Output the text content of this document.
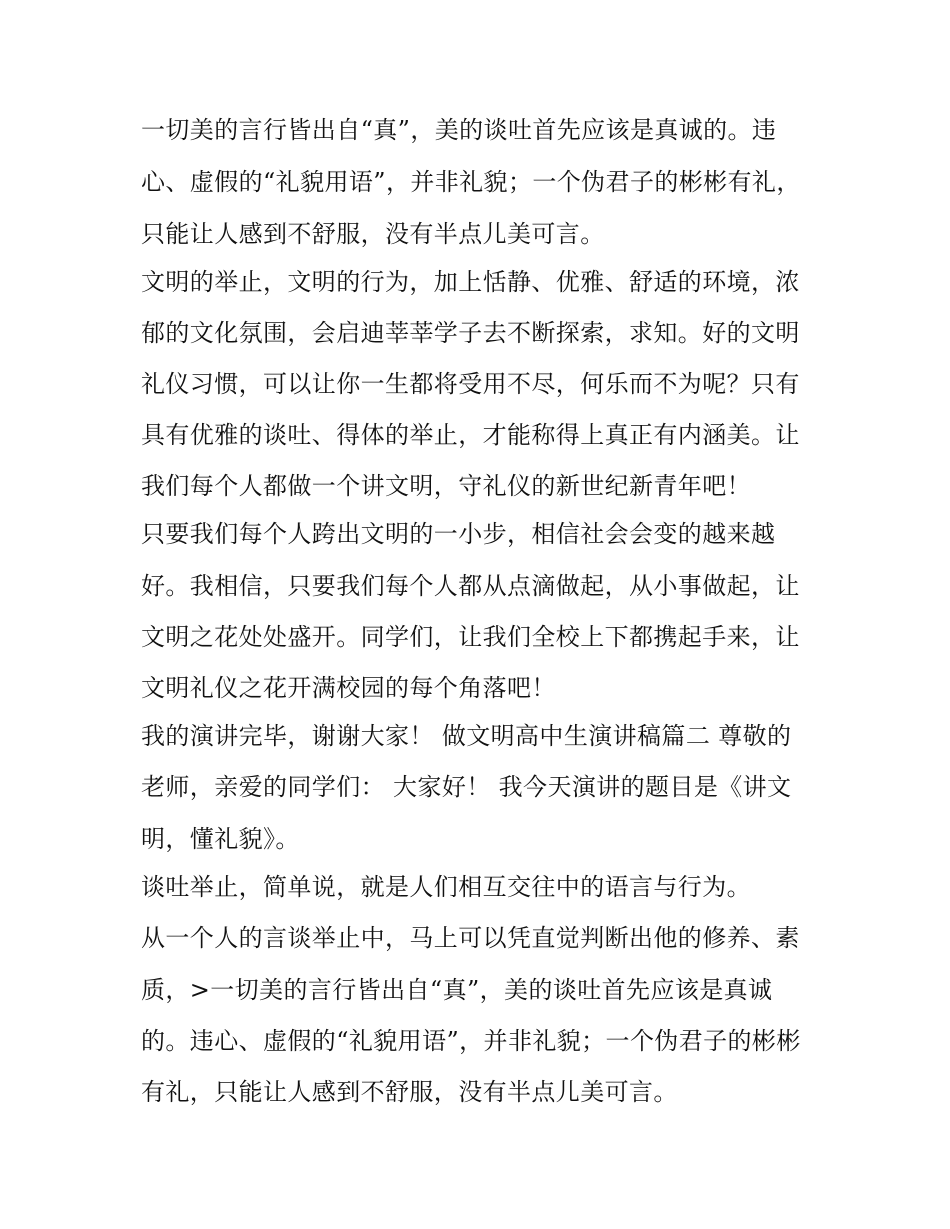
一切美的言行皆出自“真”，美的谈吐首先应该是真诚的。违
心、虚假的“礼貌用语”，并非礼貌；一个伪君子的彬彬有礼，
只能让人感到不舒服，没有半点儿美可言。
文明的举止，文明的行为，加上恬静、优雅、舒适的环境，浓
郁的文化氛围，会启迪莘莘学子去不断探索，求知。好的文明
礼仪习惯，可以让你一生都将受用不尽，何乐而不为呢？只有
具有优雅的谈吐、得体的举止，才能称得上真正有内涵美。让
我们每个人都做一个讲文明，守礼仪的新世纪新青年吧！
只要我们每个人跨出文明的一小步，相信社会会变的越来越
好。我相信，只要我们每个人都从点滴做起，从小事做起，让
文明之花处处盛开。同学们，让我们全校上下都携起手来，让
文明礼仪之花开满校园的每个角落吧！
我的演讲完毕，谢谢大家！ 做文明高中生演讲稿篇二 尊敬的
老师，亲爱的同学们： 大家好！ 我今天演讲的题目是《讲文
明，懂礼貌》。
谈吐举止，简单说，就是人们相互交往中的语言与行为。
从一个人的言谈举止中，马上可以凭直觉判断出他的修养、素
质，>一切美的言行皆出自“真”，美的谈吐首先应该是真诚
的。违心、虚假的“礼貌用语”，并非礼貌；一个伪君子的彬彬
有礼，只能让人感到不舒服，没有半点儿美可言。
